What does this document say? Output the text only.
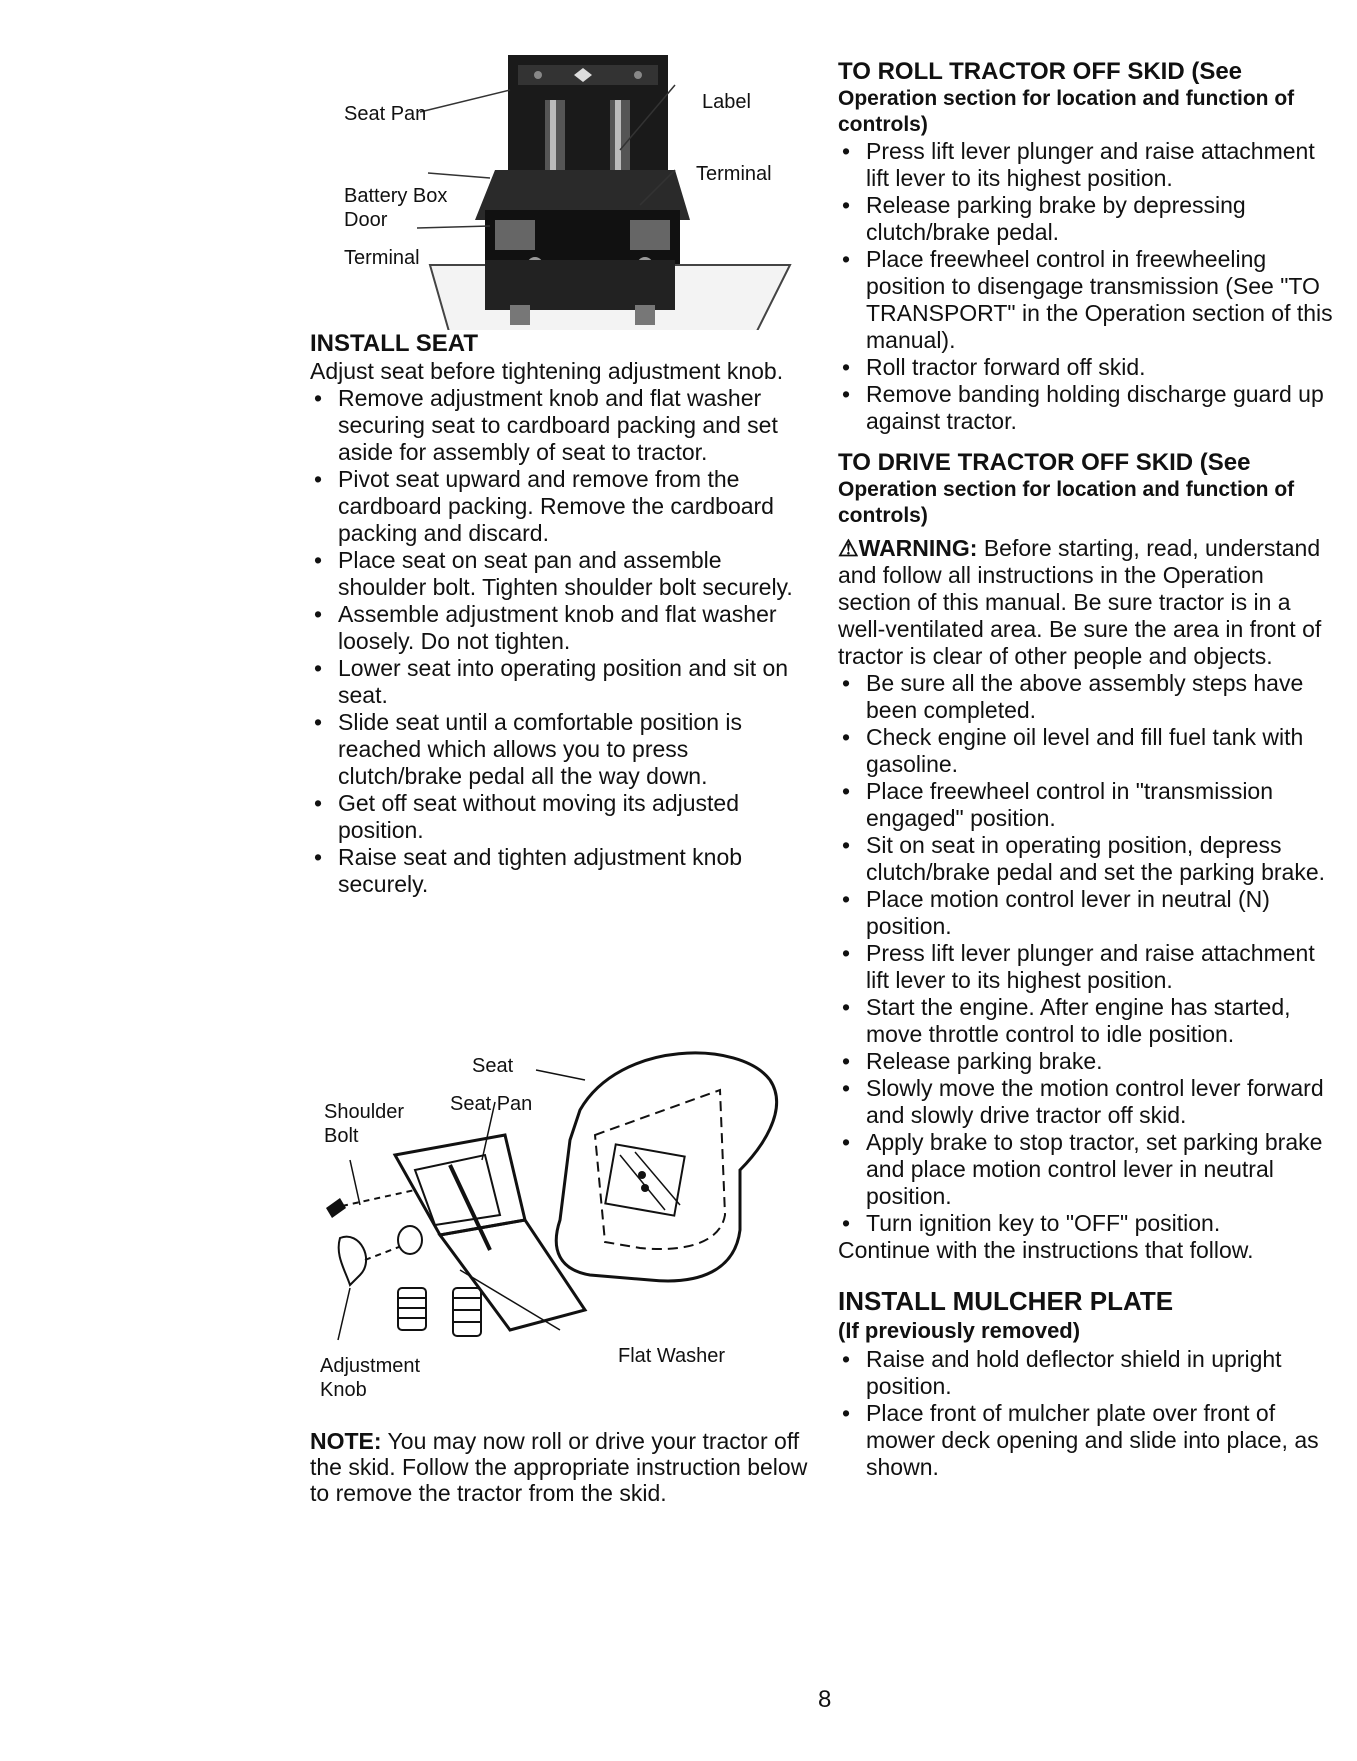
Seat Pan
Label
Terminal
Battery Box
Door
Terminal
INSTALL SEAT

Adjust seat before tightening adjustment knob.

• Remove adjustment knob and flat washer securing seat to cardboard packing and set aside for assembly of seat to tractor.
• Pivot seat upward and remove from the cardboard packing. Remove the cardboard packing and discard.
• Place seat on seat pan and assemble shoulder bolt. Tighten shoulder bolt securely.
• Assemble adjustment knob and flat washer loosely. Do not tighten.
• Lower seat into operating position and sit on seat.
• Slide seat until a comfortable position is reached which allows you to press clutch/brake pedal all the way down.
• Get off seat without moving its adjusted position.
• Raise seat and tighten adjustment knob securely.
Seat
Shoulder
Bolt
Seat Pan
Flat Washer
Adjustment
Knob
NOTE: You may now roll or drive your tractor off the skid. Follow the appropriate instruction below to remove the tractor from the skid.
TO ROLL TRACTOR OFF SKID (See
Operation section for location and function of controls)
• Press lift lever plunger and raise attachment lift lever to its highest position.
• Release parking brake by depressing clutch/brake pedal.
• Place freewheel control in freewheeling position to disengage transmission (See "TO TRANSPORT" in the Operation section of this manual).
• Roll tractor forward off skid.
• Remove banding holding discharge guard up against tractor.
TO DRIVE TRACTOR OFF SKID (See
Operation section for location and function of controls)

⚠WARNING: Before starting, read, understand and follow all instructions in the Operation section of this manual. Be sure tractor is in a well-ventilated area. Be sure the area in front of tractor is clear of other people and objects.

• Be sure all the above assembly steps have been completed.
• Check engine oil level and fill fuel tank with gasoline.
• Place freewheel control in "transmission engaged" position.
• Sit on seat in operating position, depress clutch/brake pedal and set the parking brake.
• Place motion control lever in neutral (N) position.
• Press lift lever plunger and raise attachment lift lever to its highest position.
• Start the engine. After engine has started, move throttle control to idle position.
• Release parking brake.
• Slowly move the motion control lever forward and slowly drive tractor off skid.
• Apply brake to stop tractor, set parking brake and place motion control lever in neutral position.
• Turn ignition key to "OFF" position.

Continue with the instructions that follow.

INSTALL MULCHER PLATE
(If previously removed)
• Raise and hold deflector shield in upright position.
• Place front of mulcher plate over front of mower deck opening and slide into place, as shown.
8
